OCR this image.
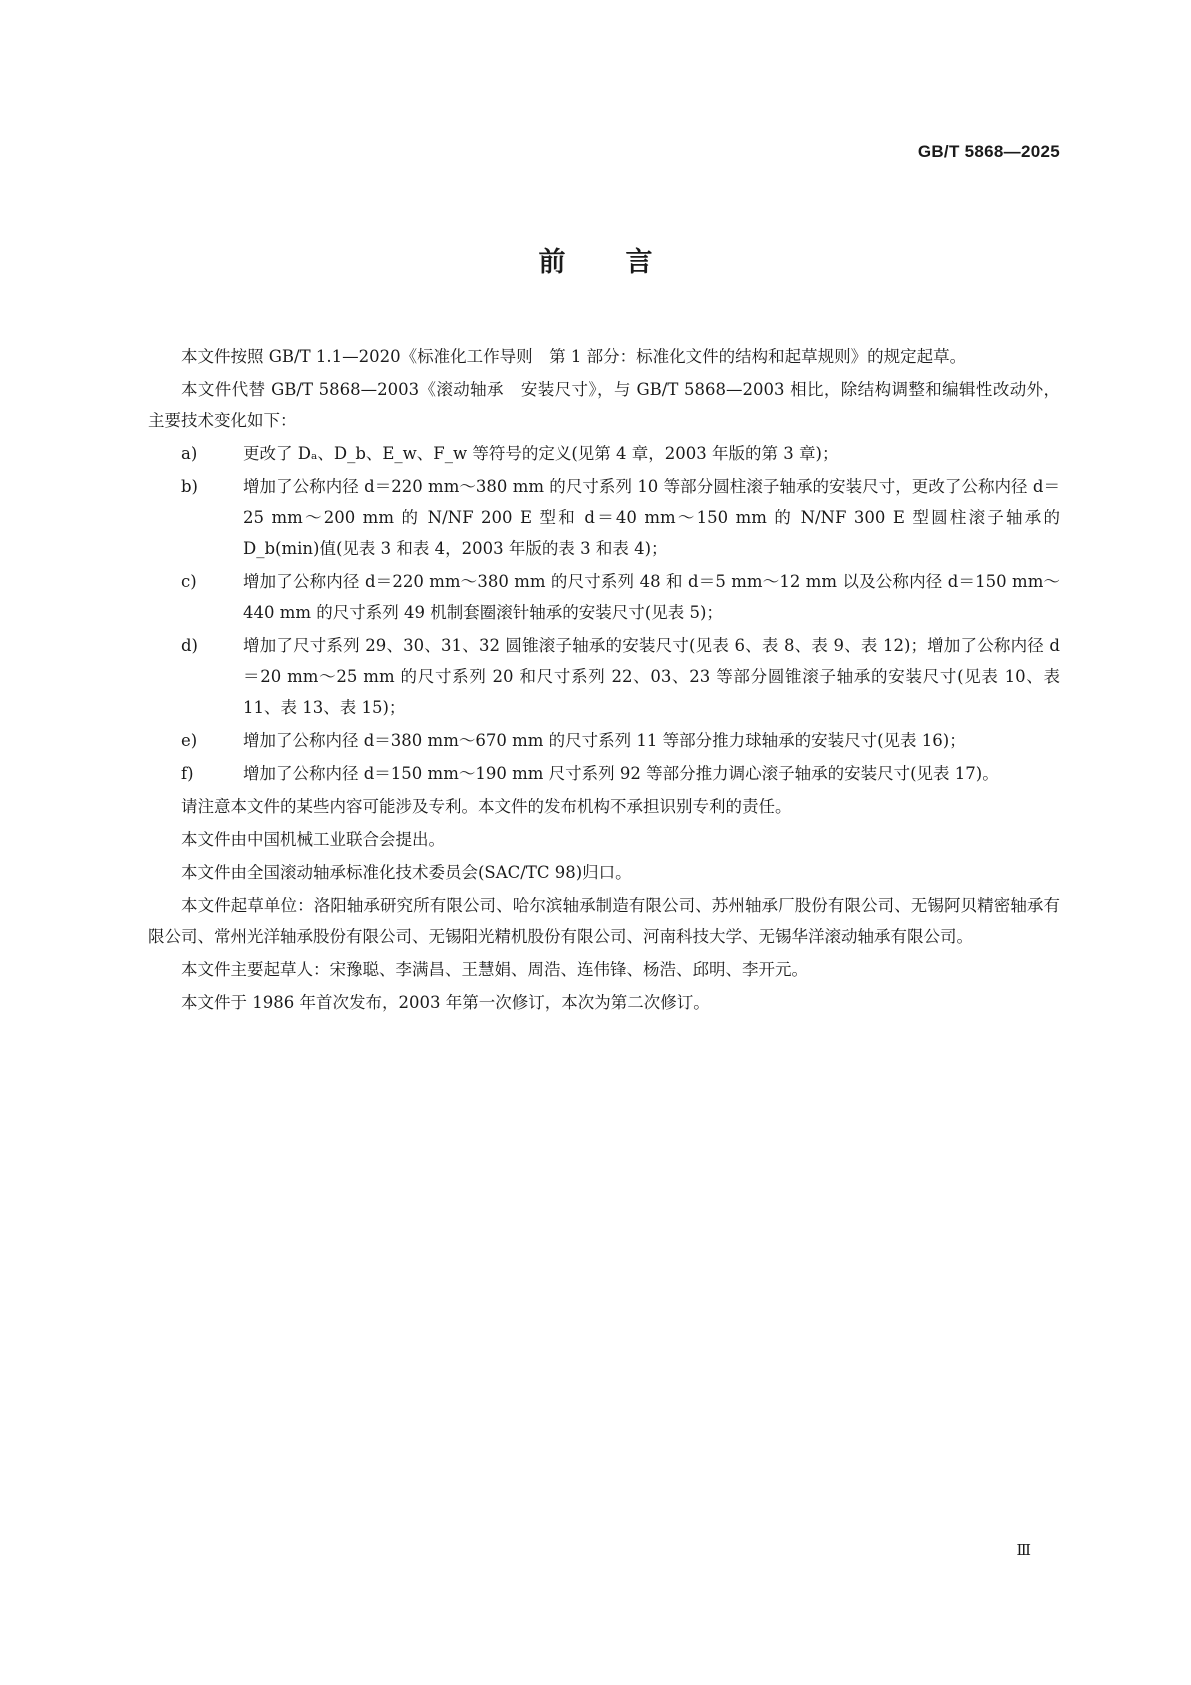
GB/T 5868—2025
前言

本文件按照 GB/T 1.1—2020《标准化工作导则　第 1 部分：标准化文件的结构和起草规则》的规定起草。

本文件代替 GB/T 5868—2003《滚动轴承　安装尺寸》，与 GB/T 5868—2003 相比，除结构调整和编辑性改动外，主要技术变化如下：

a)	更改了 Dₐ、D_b、E_w、F_w 等符号的定义(见第 4 章，2003 年版的第 3 章)；
b)	增加了公称内径 d＝220 mm～380 mm 的尺寸系列 10 等部分圆柱滚子轴承的安装尺寸，更改了公称内径 d＝25 mm～200 mm 的 N/NF 200 E 型和 d＝40 mm～150 mm 的 N/NF 300 E 型圆柱滚子轴承的 D_b(min)值(见表 3 和表 4，2003 年版的表 3 和表 4)；
c)	增加了公称内径 d＝220 mm～380 mm 的尺寸系列 48 和 d＝5 mm～12 mm 以及公称内径 d＝150 mm～440 mm 的尺寸系列 49 机制套圈滚针轴承的安装尺寸(见表 5)；
d)	增加了尺寸系列 29、30、31、32 圆锥滚子轴承的安装尺寸(见表 6、表 8、表 9、表 12)；增加了公称内径 d＝20 mm～25 mm 的尺寸系列 20 和尺寸系列 22、03、23 等部分圆锥滚子轴承的安装尺寸(见表 10、表 11、表 13、表 15)；
e)	增加了公称内径 d＝380 mm～670 mm 的尺寸系列 11 等部分推力球轴承的安装尺寸(见表 16)；
f)	增加了公称内径 d＝150 mm～190 mm 尺寸系列 92 等部分推力调心滚子轴承的安装尺寸(见表 17)。

请注意本文件的某些内容可能涉及专利。本文件的发布机构不承担识别专利的责任。

本文件由中国机械工业联合会提出。

本文件由全国滚动轴承标准化技术委员会(SAC/TC 98)归口。

本文件起草单位：洛阳轴承研究所有限公司、哈尔滨轴承制造有限公司、苏州轴承厂股份有限公司、无锡阿贝精密轴承有限公司、常州光洋轴承股份有限公司、无锡阳光精机股份有限公司、河南科技大学、无锡华洋滚动轴承有限公司。

本文件主要起草人：宋豫聪、李满昌、王慧娟、周浩、连伟锋、杨浩、邱明、李开元。

本文件于 1986 年首次发布，2003 年第一次修订，本次为第二次修订。

Ⅲ
